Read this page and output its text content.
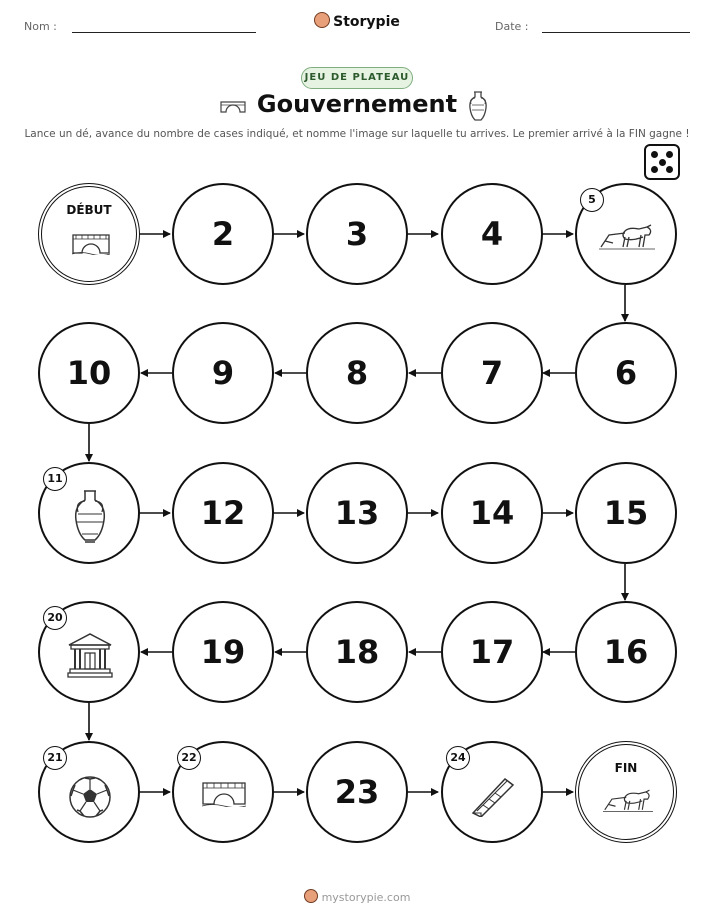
Nom :	Storypie	Date :
JEU DE PLATEAU
Gouvernement
Lance un dé, avance du nombre de cases indiqué, et nomme l'image sur laquelle tu arrives. Le premier arrivé à la FIN gagne !
DÉBUT
2	3	4
5
10	9	8	7	6
11
12	13	14	15
20
19	18	17	16
21	22
23
24
FIN
mystorypie.com
